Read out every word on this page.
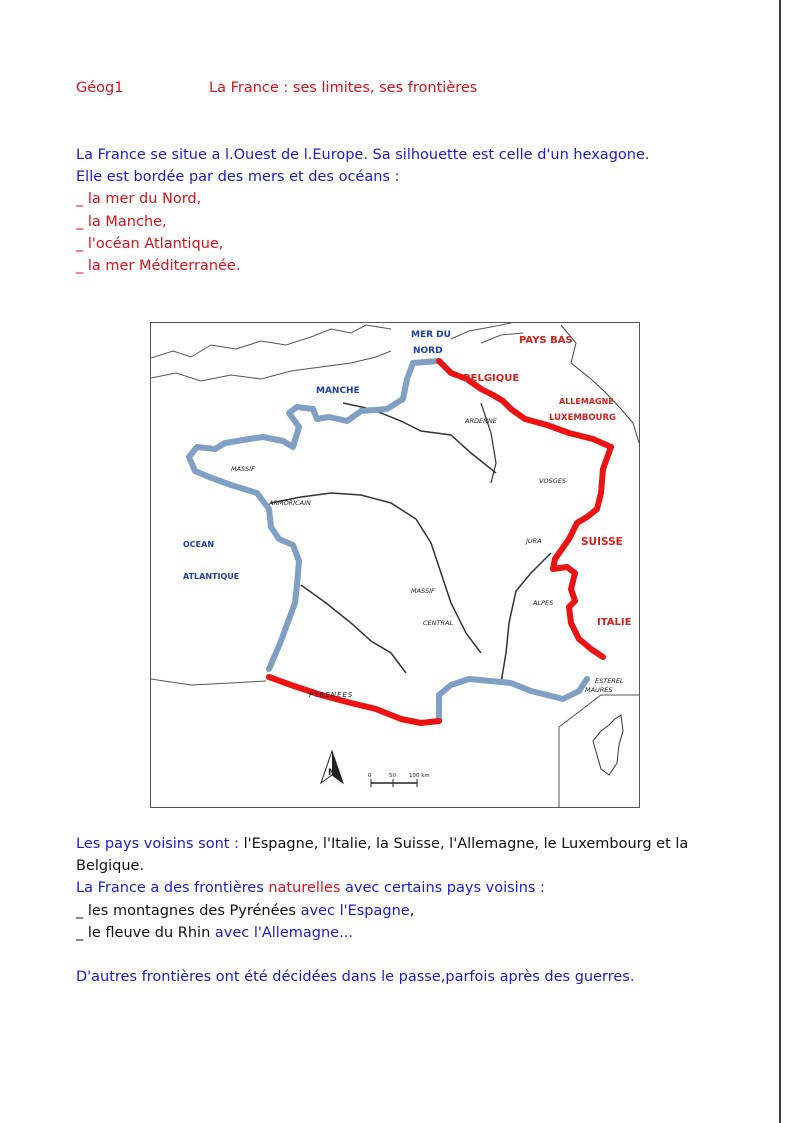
Géog1	La France : ses limites, ses frontières

La France se situe a l.Ouest de l.Europe. Sa silhouette est celle d'un hexagone.

Elle est bordée par des mers et des océans :

_ la mer du Nord,

_ la Manche,

_ l'océan Atlantique,

_ la mer Méditerranée.

MER DU
NORD
MANCHE
OCEAN
ATLANTIQUE
PAYS BAS
BELGIQUE
ALLEMAGNE
LUXEMBOURG
SUISSE
ITALIE
ARDENNE
VOSGES
JURA
ALPES
MASSIF
CENTRAL
MASSIF
ARMORICAIN
PYRENEES
ESTEREL
MAURES
N	0	50 100 km

Les pays voisins sont : l'Espagne, l'Italie, la Suisse, l'Allemagne, le Luxembourg et la

Belgique.

La France a des frontières naturelles avec certains pays voisins :

_ les montagnes des Pyrénées avec l'Espagne,

_ le fleuve du Rhin avec l'Allemagne...

D'autres frontières ont été décidées dans le passe,parfois après des guerres.
